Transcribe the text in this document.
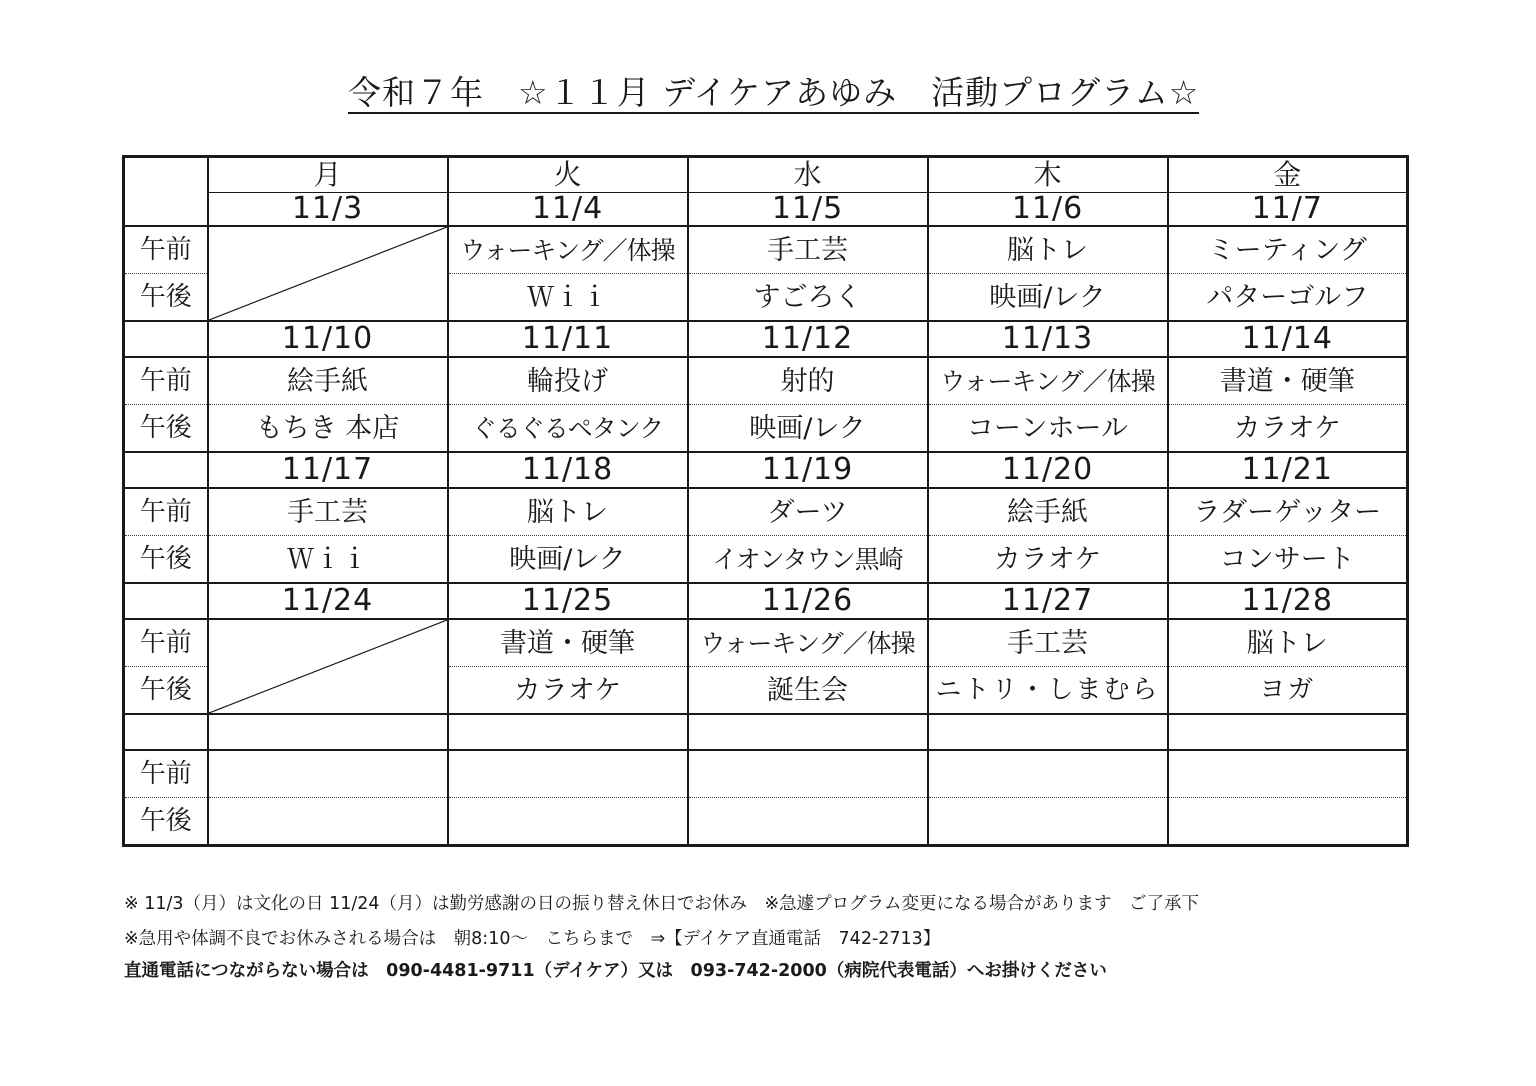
令和７年　☆１１月 デイケアあゆみ　活動プログラム☆
	月	火	水	木	金
	11/3	11/4	11/5	11/6	11/7
午前		ウォーキング／体操	手工芸	脳トレ	ミーティング
午後		Ｗｉｉ	すごろく	映画/レク	パターゴルフ
	11/10	11/11	11/12	11/13	11/14
午前	絵手紙	輪投げ	射的	ウォーキング／体操	書道・硬筆
午後	もちき 本店	ぐるぐるペタンク	映画/レク	コーンホール	カラオケ
	11/17	11/18	11/19	11/20	11/21
午前	手工芸	脳トレ	ダーツ	絵手紙	ラダーゲッター
午後	Ｗｉｉ	映画/レク	イオンタウン黒崎	カラオケ	コンサート
	11/24	11/25	11/26	11/27	11/28
午前		書道・硬筆	ウォーキング／体操	手工芸	脳トレ
午後		カラオケ	誕生会	ニトリ・しまむら	ヨガ

午前					
午後					
※ 11/3（月）は文化の日 11/24（月）は勤労感謝の日の振り替え休日でお休み　※急遽プログラム変更になる場合があります　ご了承下
※急用や体調不良でお休みされる場合は　朝8:10～　こちらまで　⇒【デイケア直通電話　742-2713】
直通電話につながらない場合は　090-4481-9711（デイケア）又は　093-742-2000（病院代表電話）へお掛けください
